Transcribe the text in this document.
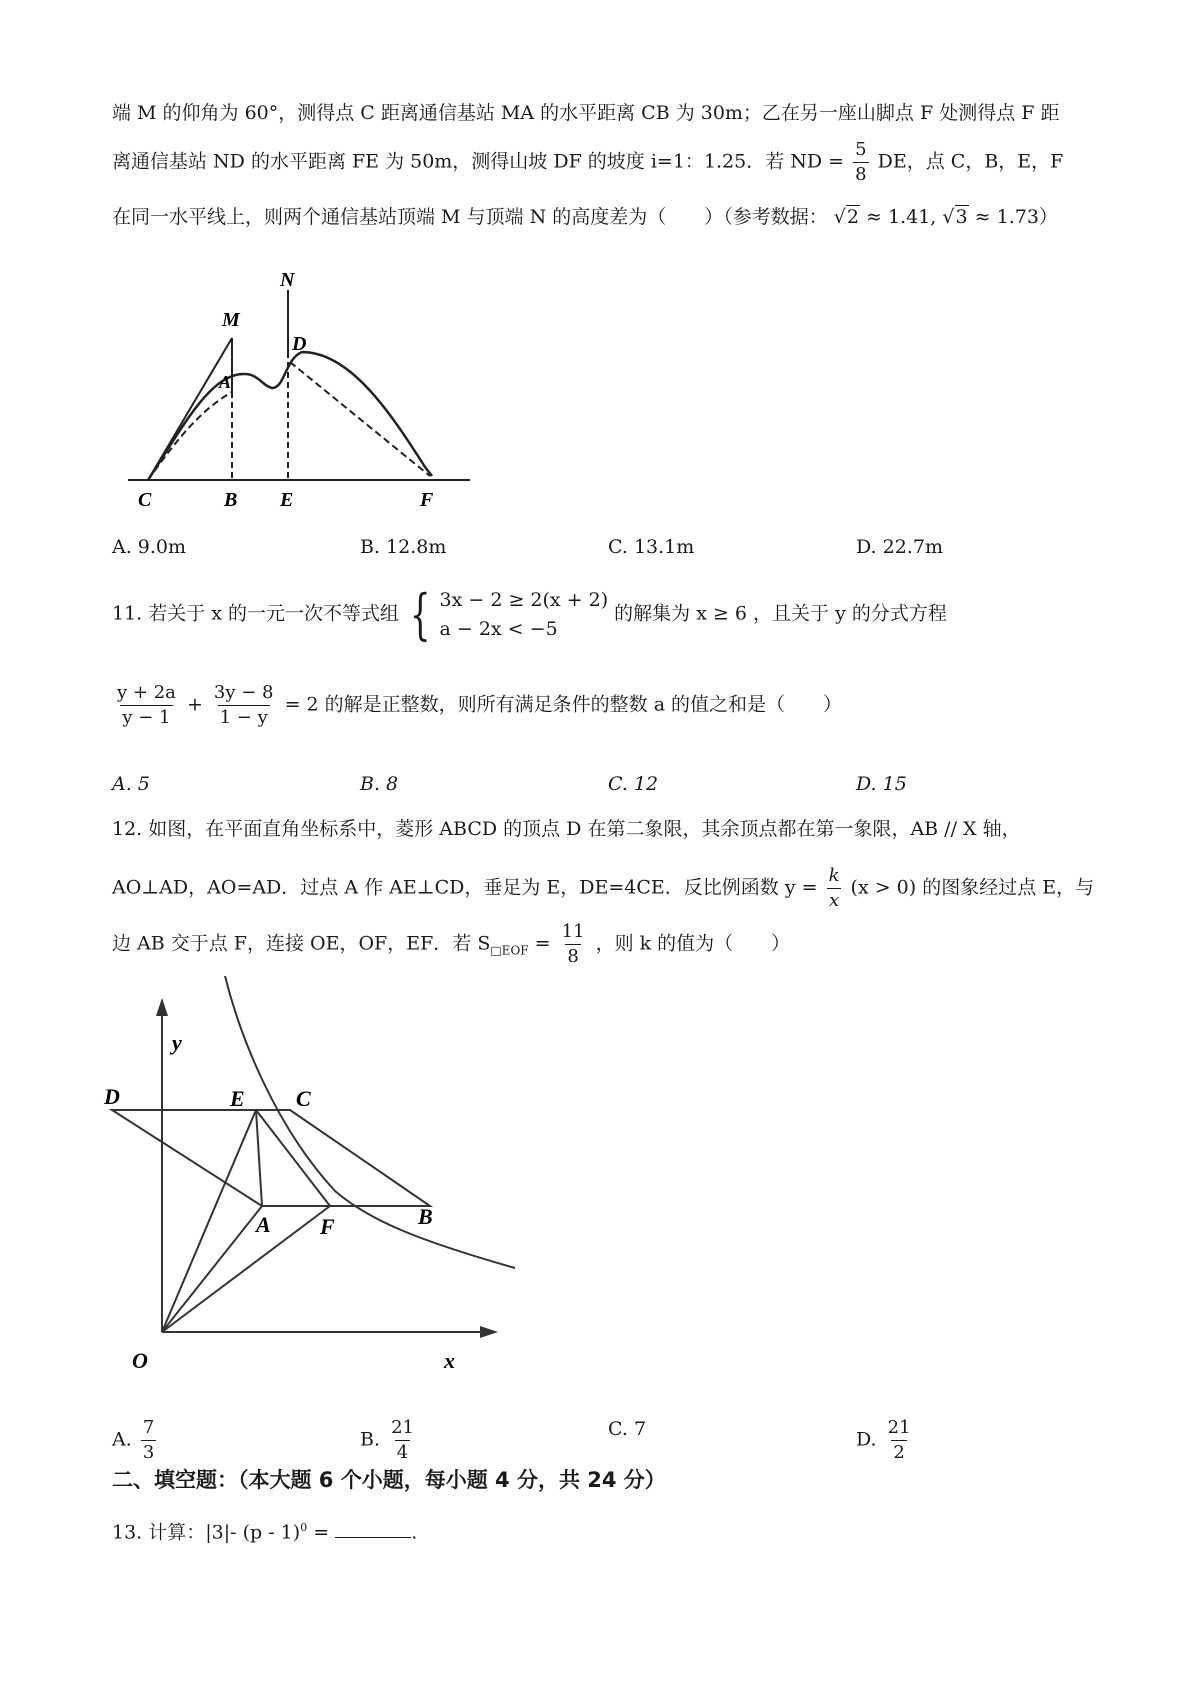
端 M 的仰角为 60°，测得点 C 距离通信基站 MA 的水平距离 CB 为 30m；乙在另一座山脚点 F 处测得点 F 距
离通信基站 ND 的水平距离 FE 为 50m，测得山坡 DF 的坡度 i=1：1.25．若 ND = $\frac{5}{8}$ DE，点 C，B，E，F
在同一水平线上，则两个通信基站顶端 M 与顶端 N 的高度差为（　　）（参考数据： √2 ≈ 1.41, √3 ≈ 1.73）
N
M
A
D
C	B E	F
A. 9.0m	B. 12.8m	C. 13.1m	D. 22.7m
11. 若关于 x 的一元一次不等式组 { 3x − 2 ≥ 2(x + 2)
a − 2x < −5
的解集为 x ≥ 6 ，且关于 y 的分式方程
$\frac{y + 2a}{y - 1} + \frac{3y - 8}{1 - y} = 2$ 的解是正整数，则所有满足条件的整数 a 的值之和是（　　）
A. 5	B. 8	C. 12	D. 15
12. 如图，在平面直角坐标系中，菱形 ABCD 的顶点 D 在第二象限，其余顶点都在第一象限，AB // X 轴，
AO⊥AD，AO=AD．过点 A 作 AE⊥CD，垂足为 E，DE=4CE．反比例函数 $y = \frac{k}{x} (x > 0)$ 的图象经过点 E，与
边 AB 交于点 F，连接 OE，OF，EF．若 $S_{□EOF} = \frac{11}{8}$ ，则 k 的值为（　　）
y
x
O
D	E C
A F	B
A. $\frac{7}{3}$	B. $\frac{21}{4}$	C. 7	D. $\frac{21}{2}$
二、填空题：（本大题 6 个小题，每小题 4 分，共 24 分）
13. 计算：|3|- (p - 1)$^0$ =	.
